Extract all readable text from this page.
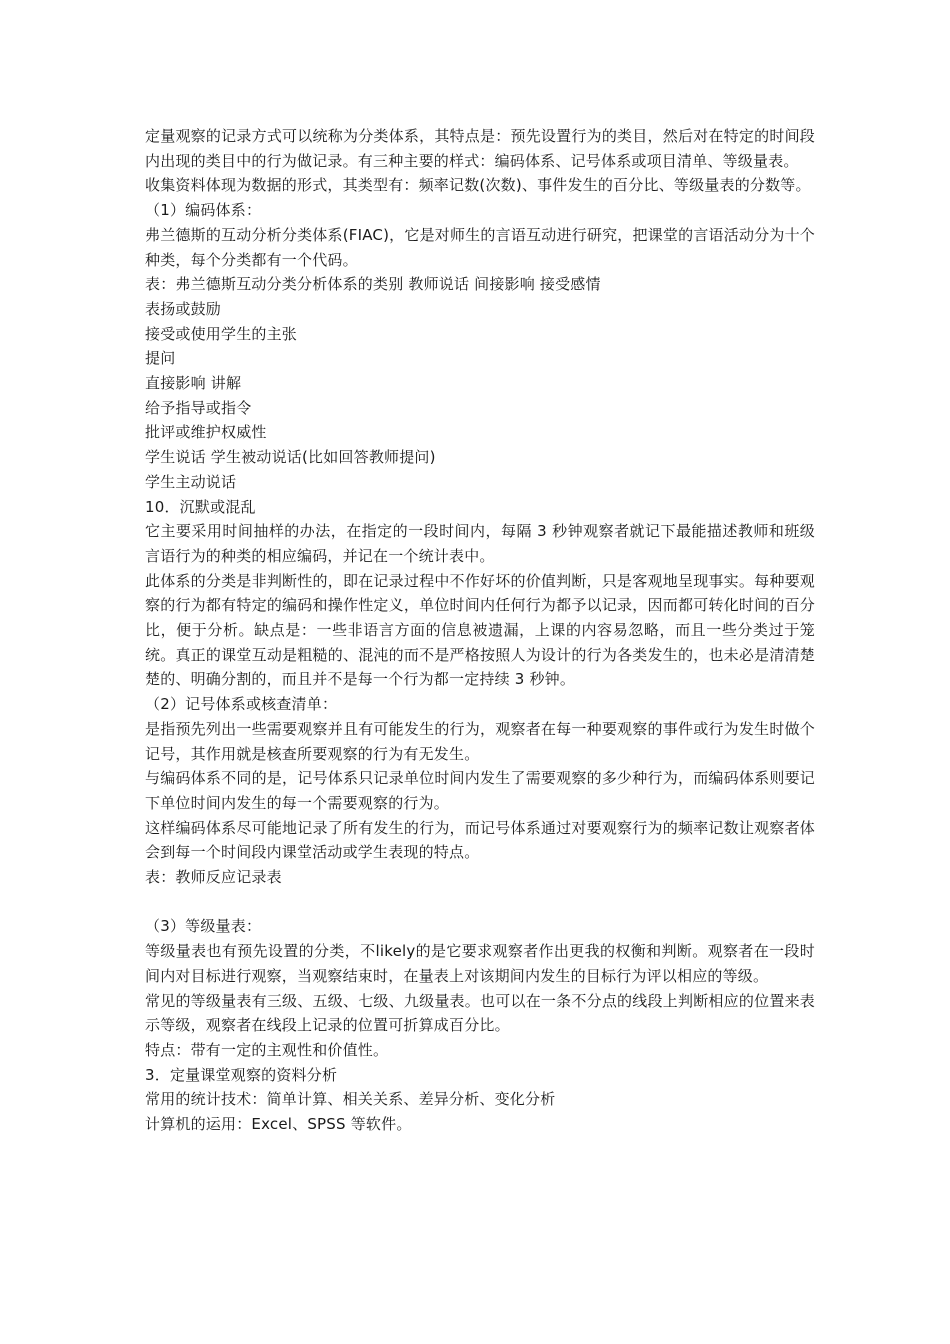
定量观察的记录方式可以统称为分类体系，其特点是：预先设置行为的类目，然后对在特定的时间段内出现的类目中的行为做记录。有三种主要的样式：编码体系、记号体系或项目清单、等级量表。

收集资料体现为数据的形式，其类型有：频率记数(次数)、事件发生的百分比、等级量表的分数等。

（1）编码体系：

弗兰德斯的互动分析分类体系(FIAC)，它是对师生的言语互动进行研究，把课堂的言语活动分为十个种类，每个分类都有一个代码。

表：弗兰德斯互动分类分析体系的类别 教师说话 间接影响 接受感情

表扬或鼓励

接受或使用学生的主张

提问

直接影响 讲解

给予指导或指令

批评或维护权威性

学生说话 学生被动说话(比如回答教师提问)

学生主动说话

10．沉默或混乱

它主要采用时间抽样的办法，在指定的一段时间内，每隔 3 秒钟观察者就记下最能描述教师和班级言语行为的种类的相应编码，并记在一个统计表中。

此体系的分类是非判断性的，即在记录过程中不作好坏的价值判断，只是客观地呈现事实。每种要观察的行为都有特定的编码和操作性定义，单位时间内任何行为都予以记录，因而都可转化时间的百分比，便于分析。缺点是：一些非语言方面的信息被遗漏，上课的内容易忽略，而且一些分类过于笼统。真正的课堂互动是粗糙的、混沌的而不是严格按照人为设计的行为各类发生的，也未必是清清楚楚的、明确分割的，而且并不是每一个行为都一定持续 3 秒钟。

（2）记号体系或核查清单：

是指预先列出一些需要观察并且有可能发生的行为，观察者在每一种要观察的事件或行为发生时做个记号，其作用就是核查所要观察的行为有无发生。

与编码体系不同的是，记号体系只记录单位时间内发生了需要观察的多少种行为，而编码体系则要记下单位时间内发生的每一个需要观察的行为。

这样编码体系尽可能地记录了所有发生的行为，而记号体系通过对要观察行为的频率记数让观察者体会到每一个时间段内课堂活动或学生表现的特点。

表：教师反应记录表

（3）等级量表：

等级量表也有预先设置的分类，不likely的是它要求观察者作出更我的权衡和判断。观察者在一段时间内对目标进行观察，当观察结束时，在量表上对该期间内发生的目标行为评以相应的等级。

常见的等级量表有三级、五级、七级、九级量表。也可以在一条不分点的线段上判断相应的位置来表示等级，观察者在线段上记录的位置可折算成百分比。

特点：带有一定的主观性和价值性。

3．定量课堂观察的资料分析

常用的统计技术：简单计算、相关关系、差异分析、变化分析

计算机的运用：Excel、SPSS 等软件。
